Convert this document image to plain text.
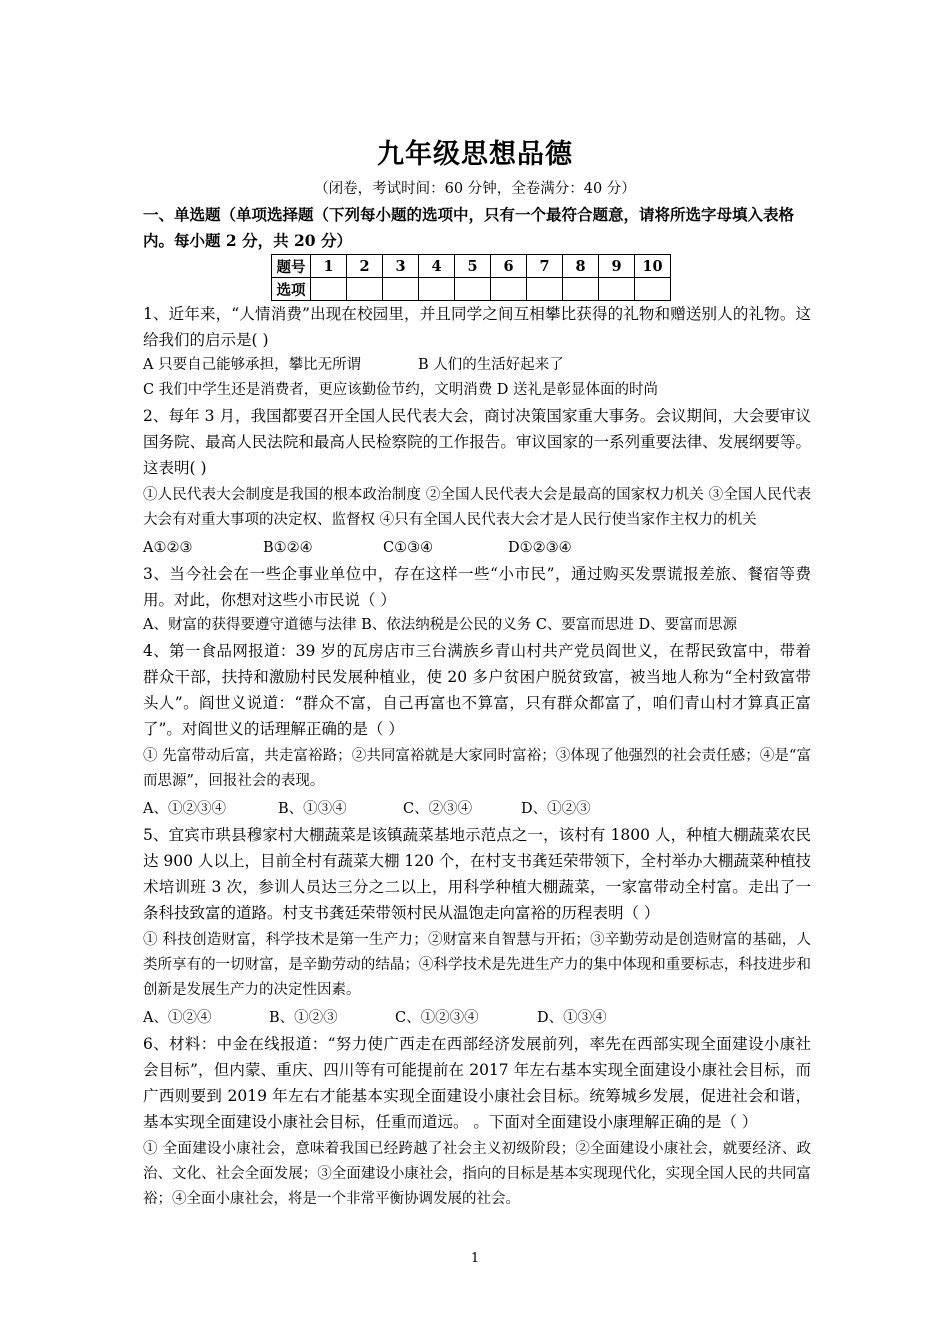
九年级思想品德
（闭卷，考试时间：60 分钟，全卷满分：40 分）

一、单选题（单项选择题（下列每小题的选项中，只有一个最符合题意，请将所选字母填入表格内。每小题 2 分，共 20 分）

题号	1	2	3	4	5	6	7	8	9	10
选项										

1、近年来，“人情消费”出现在校园里，并且同学之间互相攀比获得的礼物和赠送别人的礼物。这给我们的启示是( )

A 只要自己能够承担，攀比无所谓	B 人们的生活好起来了

C 我们中学生还是消费者，更应该勤俭节约，文明消费 D 送礼是彰显体面的时尚

2、每年 3 月，我国都要召开全国人民代表大会，商讨决策国家重大事务。会议期间，大会要审议国务院、最高人民法院和最高人民检察院的工作报告。审议国家的一系列重要法律、发展纲要等。这表明( )

①人民代表大会制度是我国的根本政治制度 ②全国人民代表大会是最高的国家权力机关 ③全国人民代表大会有对重大事项的决定权、监督权 ④只有全国人民代表大会才是人民行使当家作主权力的机关

A①②③	B①②④	C①③④	D①②③④

3、当今社会在一些企事业单位中，存在这样一些“小市民”，通过购买发票谎报差旅、餐宿等费用。对此，你想对这些小市民说（ ）

A、财富的获得要遵守道德与法律 B、依法纳税是公民的义务 C、要富而思进 D、要富而思源

4、第一食品网报道：39 岁的瓦房店市三台满族乡青山村共产党员阎世义，在帮民致富中，带着群众干部，扶持和激励村民发展种植业，使 20 多户贫困户脱贫致富，被当地人称为“全村致富带头人”。阎世义说道：“群众不富，自己再富也不算富，只有群众都富了，咱们青山村才算真正富了”。对阎世义的话理解正确的是（ ）

① 先富带动后富，共走富裕路；②共同富裕就是大家同时富裕；③体现了他强烈的社会责任感；④是“富而思源”，回报社会的表现。

A、①②③④	B、①③④	C、②③④	D、①②③

5、宜宾市珙县穆家村大棚蔬菜是该镇蔬菜基地示范点之一，该村有 1800 人，种植大棚蔬菜农民达 900 人以上，目前全村有蔬菜大棚 120 个，在村支书龚廷荣带领下，全村举办大棚蔬菜种植技术培训班 3 次，参训人员达三分之二以上，用科学种植大棚蔬菜，一家富带动全村富。走出了一条科技致富的道路。村支书龚廷荣带领村民从温饱走向富裕的历程表明（ ）

① 科技创造财富，科学技术是第一生产力；②财富来自智慧与开拓；③辛勤劳动是创造财富的基础，人类所享有的一切财富，是辛勤劳动的结晶；④科学技术是先进生产力的集中体现和重要标志，科技进步和创新是发展生产力的决定性因素。

A、①②④	B、①②③	C、①②③④	D、①③④

6、材料：中金在线报道：“努力使广西走在西部经济发展前列，率先在西部实现全面建设小康社会目标”，但内蒙、重庆、四川等有可能提前在 2017 年左右基本实现全面建设小康社会目标，而广西则要到 2019 年左右才能基本实现全面建设小康社会目标。统筹城乡发展，促进社会和谐，基本实现全面建设小康社会目标，任重而道远。 。下面对全面建设小康理解正确的是（ ）

① 全面建设小康社会，意味着我国已经跨越了社会主义初级阶段；②全面建设小康社会，就要经济、政治、文化、社会全面发展；③全面建设小康社会，指向的目标是基本实现现代化，实现全国人民的共同富裕；④全面小康社会，将是一个非常平衡协调发展的社会。

1
